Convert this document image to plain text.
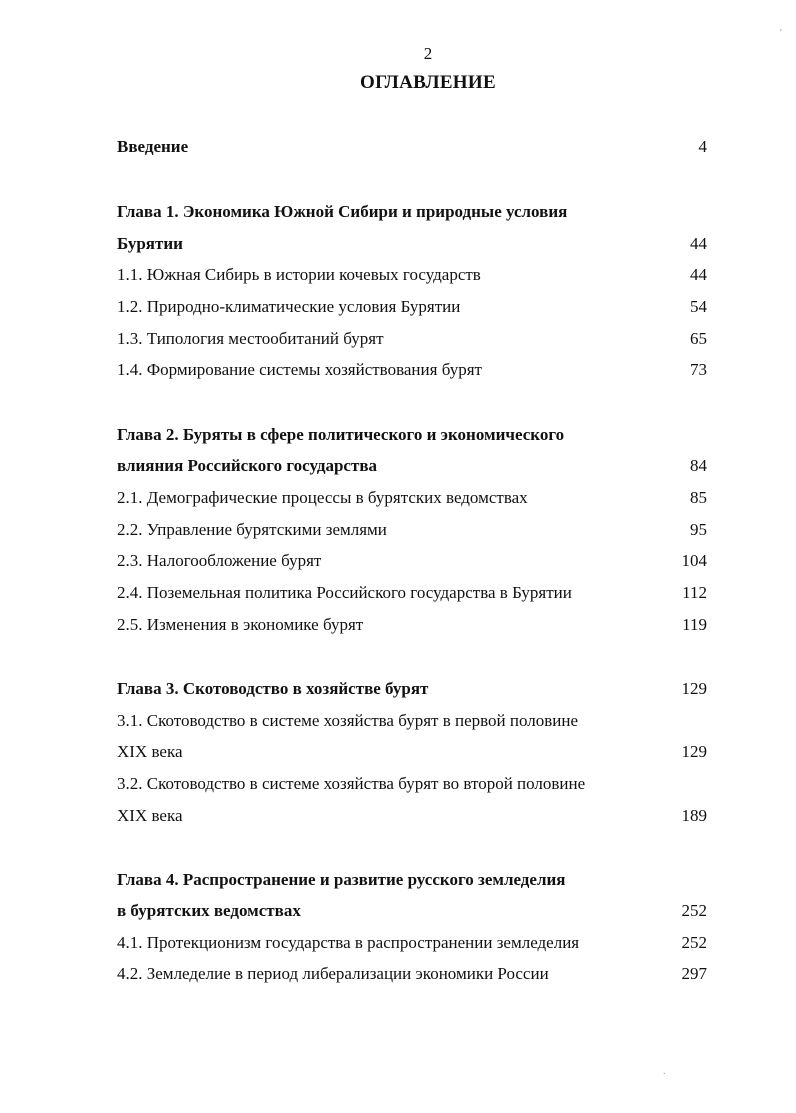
2
ОГЛАВЛЕНИЕ
Введение	4
Глава 1. Экономика Южной Сибири и природные условия
Бурятии	44
1.1. Южная Сибирь в истории кочевых государств	44
1.2. Природно-климатические условия Бурятии	54
1.3. Типология местообитаний бурят	65
1.4. Формирование системы хозяйствования бурят	73
Глава 2. Буряты в сфере политического и экономического
влияния Российского государства	84
2.1. Демографические процессы в бурятских ведомствах	85
2.2. Управление бурятскими землями	95
2.3. Налогообложение бурят	104
2.4. Поземельная политика Российского государства в Бурятии	112
2.5. Изменения в экономике бурят	119
Глава 3. Скотоводство в хозяйстве бурят	129
3.1. Скотоводство в системе хозяйства бурят в первой половине
XIX века	129
3.2. Скотоводство в системе хозяйства бурят во второй половине
XIX века	189
Глава 4. Распространение и развитие русского земледелия
в бурятских ведомствах	252
4.1. Протекционизм государства в распространении земледелия	252
4.2. Земледелие в период либерализации экономики России	297
'
.
